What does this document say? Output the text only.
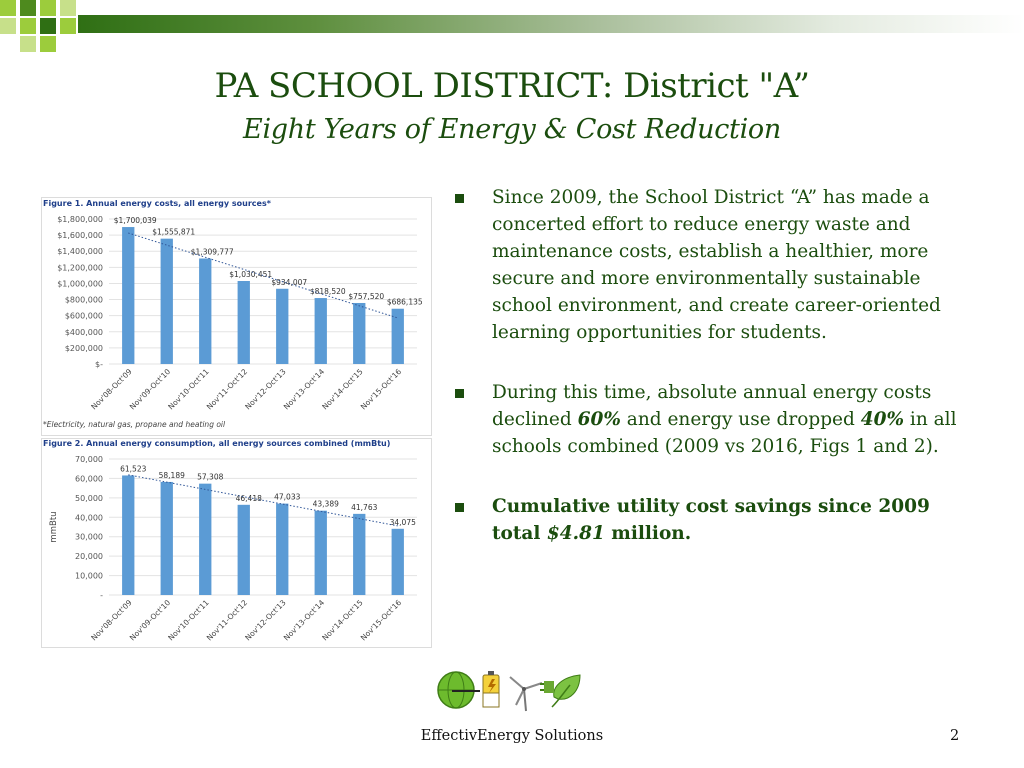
PA SCHOOL DISTRICT: District "A”
Eight Years of Energy & Cost Reduction
Figure 1. Annual energy costs, all energy sources*
$-
$200,000
$400,000
$600,000
$800,000
$1,000,000
$1,200,000
$1,400,000
$1,600,000
$1,800,000 $1,700,039
Nov'08-Oct'09
$1,555,871
Nov'09-Oct'10
$1,309,777
Nov'10-Oct'11
$1,030,451
Nov'11-Oct'12
$934,007
Nov'12-Oct'13
$818,520
Nov'13-Oct'14
$757,520
Nov'14-Oct'15
$686,135
Nov'15-Oct'16
*Electricity, natural gas, propane and heating oil
Figure 2. Annual energy consumption, all energy sources combined (mmBtu)
-
10,000
20,000
30,000
40,000
50,000
60,000
70,000
61,523
Nov'08-Oct'09
58,189
Nov'09-Oct'10
57,308
Nov'10-Oct'11
46,418
Nov'11-Oct'12
47,033
Nov'12-Oct'13
43,389
Nov'13-Oct'14
41,763
Nov'14-Oct'15
34,075
Nov'15-Oct'16
mmBtu
Since 2009, the School District “A” has made a concerted effort to reduce energy waste and maintenance costs, establish a healthier, more secure and more environmentally sustainable school environment, and create career-oriented learning opportunities for students.
During this time, absolute annual energy costs declined 60% and energy use dropped 40% in all schools combined (2009 vs 2016, Figs 1 and 2).
Cumulative utility cost savings since 2009 total $4.81 million.
EffectivEnergy Solutions	2
